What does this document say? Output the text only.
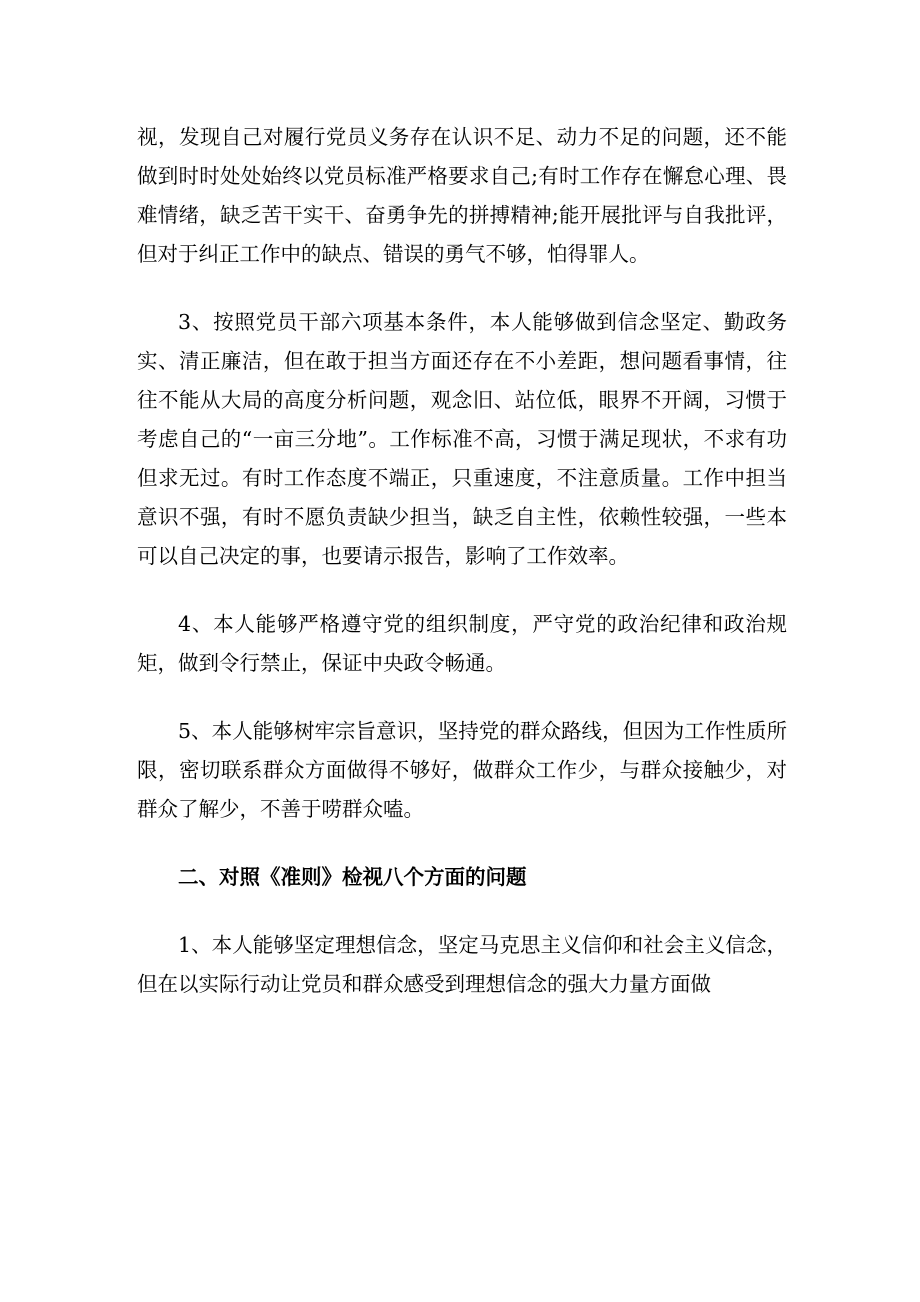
视，发现自己对履行党员义务存在认识不足、动力不足的问题，还不能做到时时处处始终以党员标准严格要求自己;有时工作存在懈怠心理、畏难情绪，缺乏苦干实干、奋勇争先的拼搏精神;能开展批评与自我批评，但对于纠正工作中的缺点、错误的勇气不够，怕得罪人。

3、按照党员干部六项基本条件，本人能够做到信念坚定、勤政务实、清正廉洁，但在敢于担当方面还存在不小差距，想问题看事情，往往不能从大局的高度分析问题，观念旧、站位低，眼界不开阔，习惯于考虑自己的“一亩三分地”。工作标准不高，习惯于满足现状，不求有功但求无过。有时工作态度不端正，只重速度，不注意质量。工作中担当意识不强，有时不愿负责缺少担当，缺乏自主性，依赖性较强，一些本可以自己决定的事，也要请示报告，影响了工作效率。

4、本人能够严格遵守党的组织制度，严守党的政治纪律和政治规矩，做到令行禁止，保证中央政令畅通。

5、本人能够树牢宗旨意识，坚持党的群众路线，但因为工作性质所限，密切联系群众方面做得不够好，做群众工作少，与群众接触少，对群众了解少，不善于唠群众嗑。

二、对照《准则》检视八个方面的问题

1、本人能够坚定理想信念，坚定马克思主义信仰和社会主义信念，但在以实际行动让党员和群众感受到理想信念的强大力量方面做
